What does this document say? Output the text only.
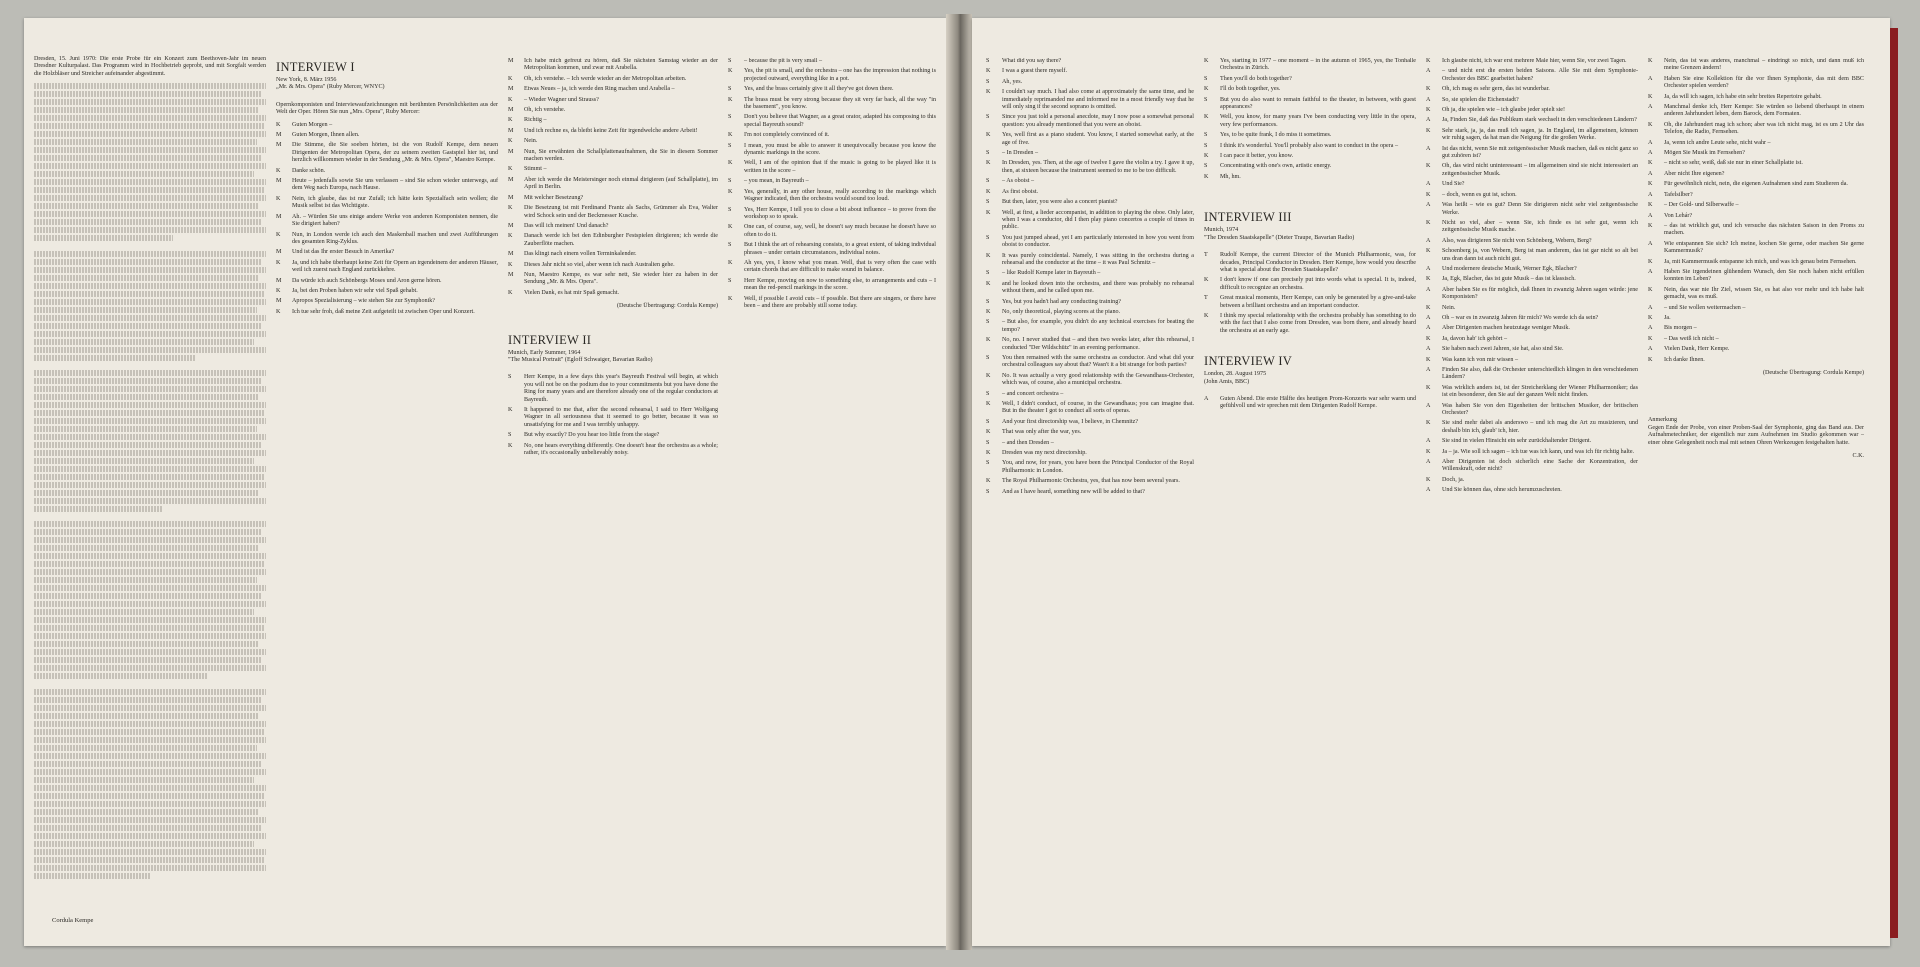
Dresden, 15. Juni 1970: Die erste Probe für ein Konzert zum Beethoven-Jahr im neuen Dresdner Kulturpalast. Das Programm wird in Hochbetrieb geprobt, und mit Sorgfalt werden die Holzbläser und Streicher aufeinander abgestimmt.

Cordula Kempe
INTERVIEW I
New York, 8. März 1956
„Mr. & Mrs. Opera" (Ruby Mercer, WNYC)

Opernkomponisten und Interviewaufzeichnungen mit berühmten Persönlichkeiten aus der Welt der Oper. Hören Sie nun „Mrs. Opera", Ruby Mercer:

K	Guten Morgen –
M	Guten Morgen, Ihnen allen.
M	Die Stimme, die Sie soeben hörten, ist die von Rudolf Kempe, dem neuen Dirigenten der Metropolitan Opera, der zu seinem zweiten Gastspiel hier ist, und herzlich willkommen wieder in der Sendung „Mr. & Mrs. Opera", Maestro Kempe.
K	Danke schön.
M	Heute – jedenfalls sowie Sie uns verlassen – sind Sie schon wieder unterwegs, auf dem Weg nach Europa, nach Hause.
K	Nein, ich glaube, das ist nur Zufall; ich hätte kein Spezialfach sein wollen; die Musik selbst ist das Wichtigste.
M	Ah. – Würden Sie uns einige andere Werke von anderen Komponisten nennen, die Sie dirigiert haben?
K	Nun, in London werde ich auch den Maskenball machen und zwei Aufführungen des gesamten Ring-Zyklus.
M	Und ist das Ihr erster Besuch in Amerika?
K	Ja, und ich habe überhaupt keine Zeit für Opern an irgendeinem der anderen Häuser, weil ich zuerst nach England zurückkehre.
M	Da würde ich auch Schönbergs Moses und Aron gerne hören.
K	Ja, bei den Proben haben wir sehr viel Spaß gehabt.
M	Apropos Spezialisierung – wie stehen Sie zur Symphonik?
K	Ich tue sehr froh, daß meine Zeit aufgeteilt ist zwischen Oper und Konzert.
M	Ich habe mich gefreut zu hören, daß Sie nächsten Samstag wieder an der Metropolitan kommen, und zwar mit Arabella.
K	Oh, ich verstehe. – Ich werde wieder an der Metropolitan arbeiten.
M	Etwas Neues – ja, ich werde den Ring machen und Arabella –
K	– Wieder Wagner und Strauss?
M	Oh, ich verstehe.
K	Richtig –
M	Und ich rechne es, da bleibt keine Zeit für irgendwelche andere Arbeit!
K	Nein.
M	Nun, Sie erwähnten die Schallplattenaufnahmen, die Sie in diesem Sommer machen werden.
K	Stimmt –
M	Aber ich werde die Meistersinger noch einmal dirigieren (auf Schallplatte), im April in Berlin.
M	Mit welcher Besetzung?
K	Die Besetzung ist mit Ferdinand Frantz als Sachs, Grümmer als Eva, Walter wird Schock sein und der Beckmesser Kusche.
M	Das will ich meinen! Und danach?
K	Danach werde ich bei den Edinburgher Festspielen dirigieren; ich werde die Zauberflöte machen.
M	Das klingt nach einem vollen Terminkalender.
K	Dieses Jahr nicht so viel, aber wenn ich nach Australien gehe.
M	Nun, Maestro Kempe, es war sehr nett, Sie wieder hier zu haben in der Sendung „Mr. & Mrs. Opera".
K	Vielen Dank, es hat mir Spaß gemacht.
(Deutsche Übertragung: Cordula Kempe)
INTERVIEW II
Munich, Early Summer, 1964
"The Musical Portrait" (Egloff Schwaiger, Bavarian Radio)
S	Herr Kempe, in a few days this year's Bayreuth Festival will begin, at which you will not be on the podium due to your commitments but you have done the Ring for many years and are therefore already one of the regular conductors at Bayreuth.
K	It happened to me that, after the second rehearsal, I said to Herr Wolfgang Wagner in all seriousness that it seemed to go better, because it was so unsatisfying for me and I was terribly unhappy.
S	But why exactly? Do you hear too little from the stage?
K	No, one hears everything differently. One doesn't hear the orchestra as a whole; rather, it's occasionally unbelievably noisy.
S	– because the pit is very small –
K	Yes, the pit is small, and the orchestra – one has the impression that nothing is projected outward, everything like in a pot.
S	Yes, and the brass certainly give it all they've got down there.
K	The brass must be very strong because they sit very far back, all the way "in the basement", you know.
S	Don't you believe that Wagner, as a great orator, adapted his composing to this special Bayreuth sound?
K	I'm not completely convinced of it.
S	I mean, you must be able to answer it unequivocally because you know the dynamic markings in the score.
K	Well, I am of the opinion that if the music is going to be played like it is written in the score –
S	– you mean, in Bayreuth –
K	Yes, generally, in any other house, really according to the markings which Wagner indicated, then the orchestra would sound too loud.
S	Yes, Herr Kempe, I tell you to close a bit about influence – to prove from the workshop so to speak.
K	One can, of course, say, well, he doesn't say much because he doesn't have so often to do it.
S	But I think the art of rehearsing consists, to a great extent, of taking individual phrases – under certain circumstances, individual notes.
K	Ah yes, yes, I know what you mean. Well, that is very often the case with certain chords that are difficult to make sound in balance.
S	Herr Kempe, moving on now to something else, to arrangements and cuts – I mean the red-pencil markings in the score.
K	Well, if possible I avoid cuts – if possible. But there are singers, or there have been – and there are probably still some today.
S	What did you say there?
K	I was a guest there myself.
S	Ah, yes.
K	I couldn't say much. I had also come at approximately the same time, and he immediately reprimanded me and informed me in a most friendly way that he will only sing if the second soprano is omitted.
S	Since you just told a personal anecdote, may I now pose a somewhat personal question: you already mentioned that you were an oboist.
K	Yes, well first as a piano student. You know, I started somewhat early, at the age of five.
S	– In Dresden –
K	In Dresden, yes. Then, at the age of twelve I gave the violin a try. I gave it up, then, at sixteen because the instrument seemed to me to be too difficult.
S	– As oboist –
K	As first oboist.
S	But then, later, you were also a concert pianist?
K	Well, at first, a lieder accompanist, in addition to playing the oboe. Only later, when I was a conductor, did I then play piano concertos a couple of times in public.
S	You just jumped ahead, yet I am particularly interested in how you went from oboist to conductor.
K	It was purely coincidental. Namely, I was sitting in the orchestra during a rehearsal and the conductor at the time – it was Paul Schmitz –
S	– like Rudolf Kempe later in Bayreuth –
K	and he looked down into the orchestra, and there was probably no rehearsal without them, and he called upon me.
S	Yes, but you hadn't had any conducting training?
K	No, only theoretical, playing scores at the piano.
S	– But also, for example, you didn't do any technical exercises for beating the tempo?
K	No, no. I never studied that – and then two weeks later, after this rehearsal, I conducted "Der Wildschütz" in an evening performance.
S	You then remained with the same orchestra as conductor. And what did your orchestral colleagues say about that? Wasn't it a bit strange for both parties?
K	No. It was actually a very good relationship with the Gewandhaus-Orchester, which was, of course, also a municipal orchestra.
S	– and concert orchestra –
K	Well, I didn't conduct, of course, in the Gewandhaus; you can imagine that. But in the theater I got to conduct all sorts of operas.
S	And your first directorship was, I believe, in Chemnitz?
K	That was only after the war, yes.
S	– and then Dresden –
K	Dresden was my next directorship.
S	You, and now, for years, you have been the Principal Conductor of the Royal Philharmonic in London.
K	The Royal Philharmonic Orchestra, yes, that has now been several years.
S	And as I have heard, something new will be added to that?
K	Yes, starting in 1977 – one moment – in the autumn of 1965, yes, the Tonhalle Orchestra in Zürich.
S	Then you'll do both together?
K	I'll do both together, yes.
S	But you do also want to remain faithful to the theater, in between, with guest appearances?
K	Well, you know, for many years I've been conducting very little in the opera, very few performances.
S	Yes, to be quite frank, I do miss it sometimes.
S	I think it's wonderful. You'll probably also want to conduct in the opera –
K	I can pace it better, you know.
S	Concentrating with one's own, artistic energy.
K	Mh, hm.
INTERVIEW III
Munich, 1974
"The Dresden Staatskapelle" (Dieter Traupe, Bavarian Radio)
T	Rudolf Kempe, the current Director of the Munich Philharmonic, was, for decades, Principal Conductor in Dresden. Herr Kempe, how would you describe what is special about the Dresden Staatskapelle?
K	I don't know if one can precisely put into words what is special. It is, indeed, difficult to recognize an orchestra.
T	Great musical moments, Herr Kempe, can only be generated by a give-and-take between a brilliant orchestra and an important conductor.
K	I think my special relationship with the orchestra probably has something to do with the fact that I also come from Dresden, was born there, and already heard the orchestra at an early age.
INTERVIEW IV
London, 28. August 1975
(John Amis, BBC)
A	Guten Abend. Die erste Hälfte des heutigen Prom-Konzerts war sehr warm und gefühlvoll und wir sprechen mit dem Dirigenten Rudolf Kempe.
K	Ich glaube nicht, ich war erst mehrere Male hier, wenn Sie, vor zwei Tagen.
A	– und nicht erst die ersten beiden Saisons. Alle Sie mit dem Symphonie-Orchester des BBC gearbeitet haben?
K	Oh, ich mag es sehr gern, das ist wunderbar.
A	So, sie spielen die Eichenstadt?
K	Oh ja, die spielen wie – ich glaube jeder spielt sie!
A	Ja, Finden Sie, daß das Publikum stark wechselt in den verschiedenen Ländern?
K	Sehr stark, ja, ja, das muß ich sagen, ja. In England, im allgemeinen, können wir ruhig sagen, da hat man die Neigung für die großen Werke.
A	Ist das nicht, wenn Sie mit zeitgenössischer Musik machen, daß es nicht ganz so gut zuhören ist?
K	Oh, das wird nicht uninteressant – im allgemeinen sind sie nicht interessiert an zeitgenössischer Musik.
A	Und Sie?
K	– doch, wenn es gut ist, schon.
A	Was heißt – wie es gut? Denn Sie dirigieren nicht sehr viel zeitgenössische Werke.
K	Nicht so viel, aber – wenn Sie, ich finde es ist sehr gut, wenn ich zeitgenössische Musik mache.
A	Also, was dirigieren Sie nicht von Schönberg, Webern, Berg?
K	Schoenberg ja, von Webern, Berg ist man anderem, das ist gar nicht so alt bei uns dran dann ist auch nicht gut.
A	Und modernere deutsche Musik, Werner Egk, Blacher?
K	Ja, Egk, Blacher, das ist gute Musik – das ist klassisch.
A	Aber haben Sie es für möglich, daß Ihnen in zwanzig Jahren sagen würde: jene Komponisten?
K	Nein.
A	Oh – war es in zwanzig Jahren für mich? Wo werde ich da sein?
A	Aber Dirigenten machen heutzutage weniger Musik.
K	Ja, davon hab' ich gehört –
A	Sie haben nach zwei Jahren, sie hat, also sind Sie.
K	Was kann ich von mir wissen –
A	Finden Sie also, daß die Orchester unterschiedlich klingen in den verschiedenen Ländern?
K	Was wirklich anders ist, ist der Streicherklang der Wiener Philharmoniker; das ist ein besonderer, den Sie auf der ganzen Welt nicht finden.
A	Was haben Sie von den Eigenheiten der britischen Musiker, der britischen Orchester?
K	Sie sind mehr dabei als anderswo – und ich mag die Art zu musizieren, und deshalb bin ich, glaub' ich, hier.
A	Sie sind in vielen Hinsicht ein sehr zurückhaltender Dirigent.
K	Ja – ja. Wie soll ich sagen – ich tue was ich kann, und was ich für richtig halte.
A	Aber Dirigenten ist doch sicherlich eine Sache der Konzentration, der Willenskraft, oder nicht?
K	Doch, ja.
A	Und Sie können das, ohne sich herumzuschreien.
K	Nein, das ist was anderes, manchmal – eindringt so mich, und dann muß ich meine Grenzen ändern!
A	Haben Sie eine Kollektion für die vor Ihnen Symphonie, das mit dem BBC Orchester spielen werden?
K	Ja, da will ich sagen, ich habe ein sehr breites Repertoire gehabt.
A	Manchmal denke ich, Herr Kempe: Sie würden so liebend überhaupt in einem anderen Jahrhundert leben, dem Barock, dem Formaten.
K	Oh, die Jahrhundert mag ich schon; aber was ich nicht mag, ist es um 2 Uhr das Telefon, die Radio, Fernsehen.
A	Ja, wenn ich andre Leute sehe, nicht wahr –
A	Mögen Sie Musik im Fernsehen?
K	– nicht so sehr, weiß, daß sie nur in einer Schallplatte ist.
A	Aber nicht Ihre eigenen?
K	Für gewöhnlich nicht, nein, die eigenen Aufnahmen sind zum Studieren da.
A	Tafelsilber?
K	– Der Gold- und Silberwaffe –
A	Von Lehár?
K	– das ist wirklich gut, und ich versuche das nächsten Saison in den Proms zu machen.
A	Wie entspannen Sie sich? Ich meine, kochen Sie gerne, oder machen Sie gerne Kammermusik?
K	Ja, mit Kammermusik entspanne ich mich, und was ich genau beim Fernsehen.
A	Haben Sie irgendeinen glühendem Wunsch, den Sie noch haben nicht erfüllen konnten im Leben?
K	Nein, das war nie Ihr Ziel, wissen Sie, es hat also vor mehr und ich habe halt gemacht, was es muß.
A	– und Sie wollen weitermachen –
K	Ja.
A	Bis morgen –
K	– Das weiß ich nicht –
A	Vielen Dank, Herr Kempe.
K	Ich danke Ihnen.
(Deutsche Übertragung: Cordula Kempe)
Anmerkung

Gegen Ende der Probe, von einer Proben-Saal der Symphonie, ging das Band aus. Der Aufnahmetechniker, der eigentlich nur zum Aufnehmen im Studio gekommen war – einer ohne Gelegenheit noch mal mit seinen Ohren Werkzeugen festgehalten hatte.

C.K.
